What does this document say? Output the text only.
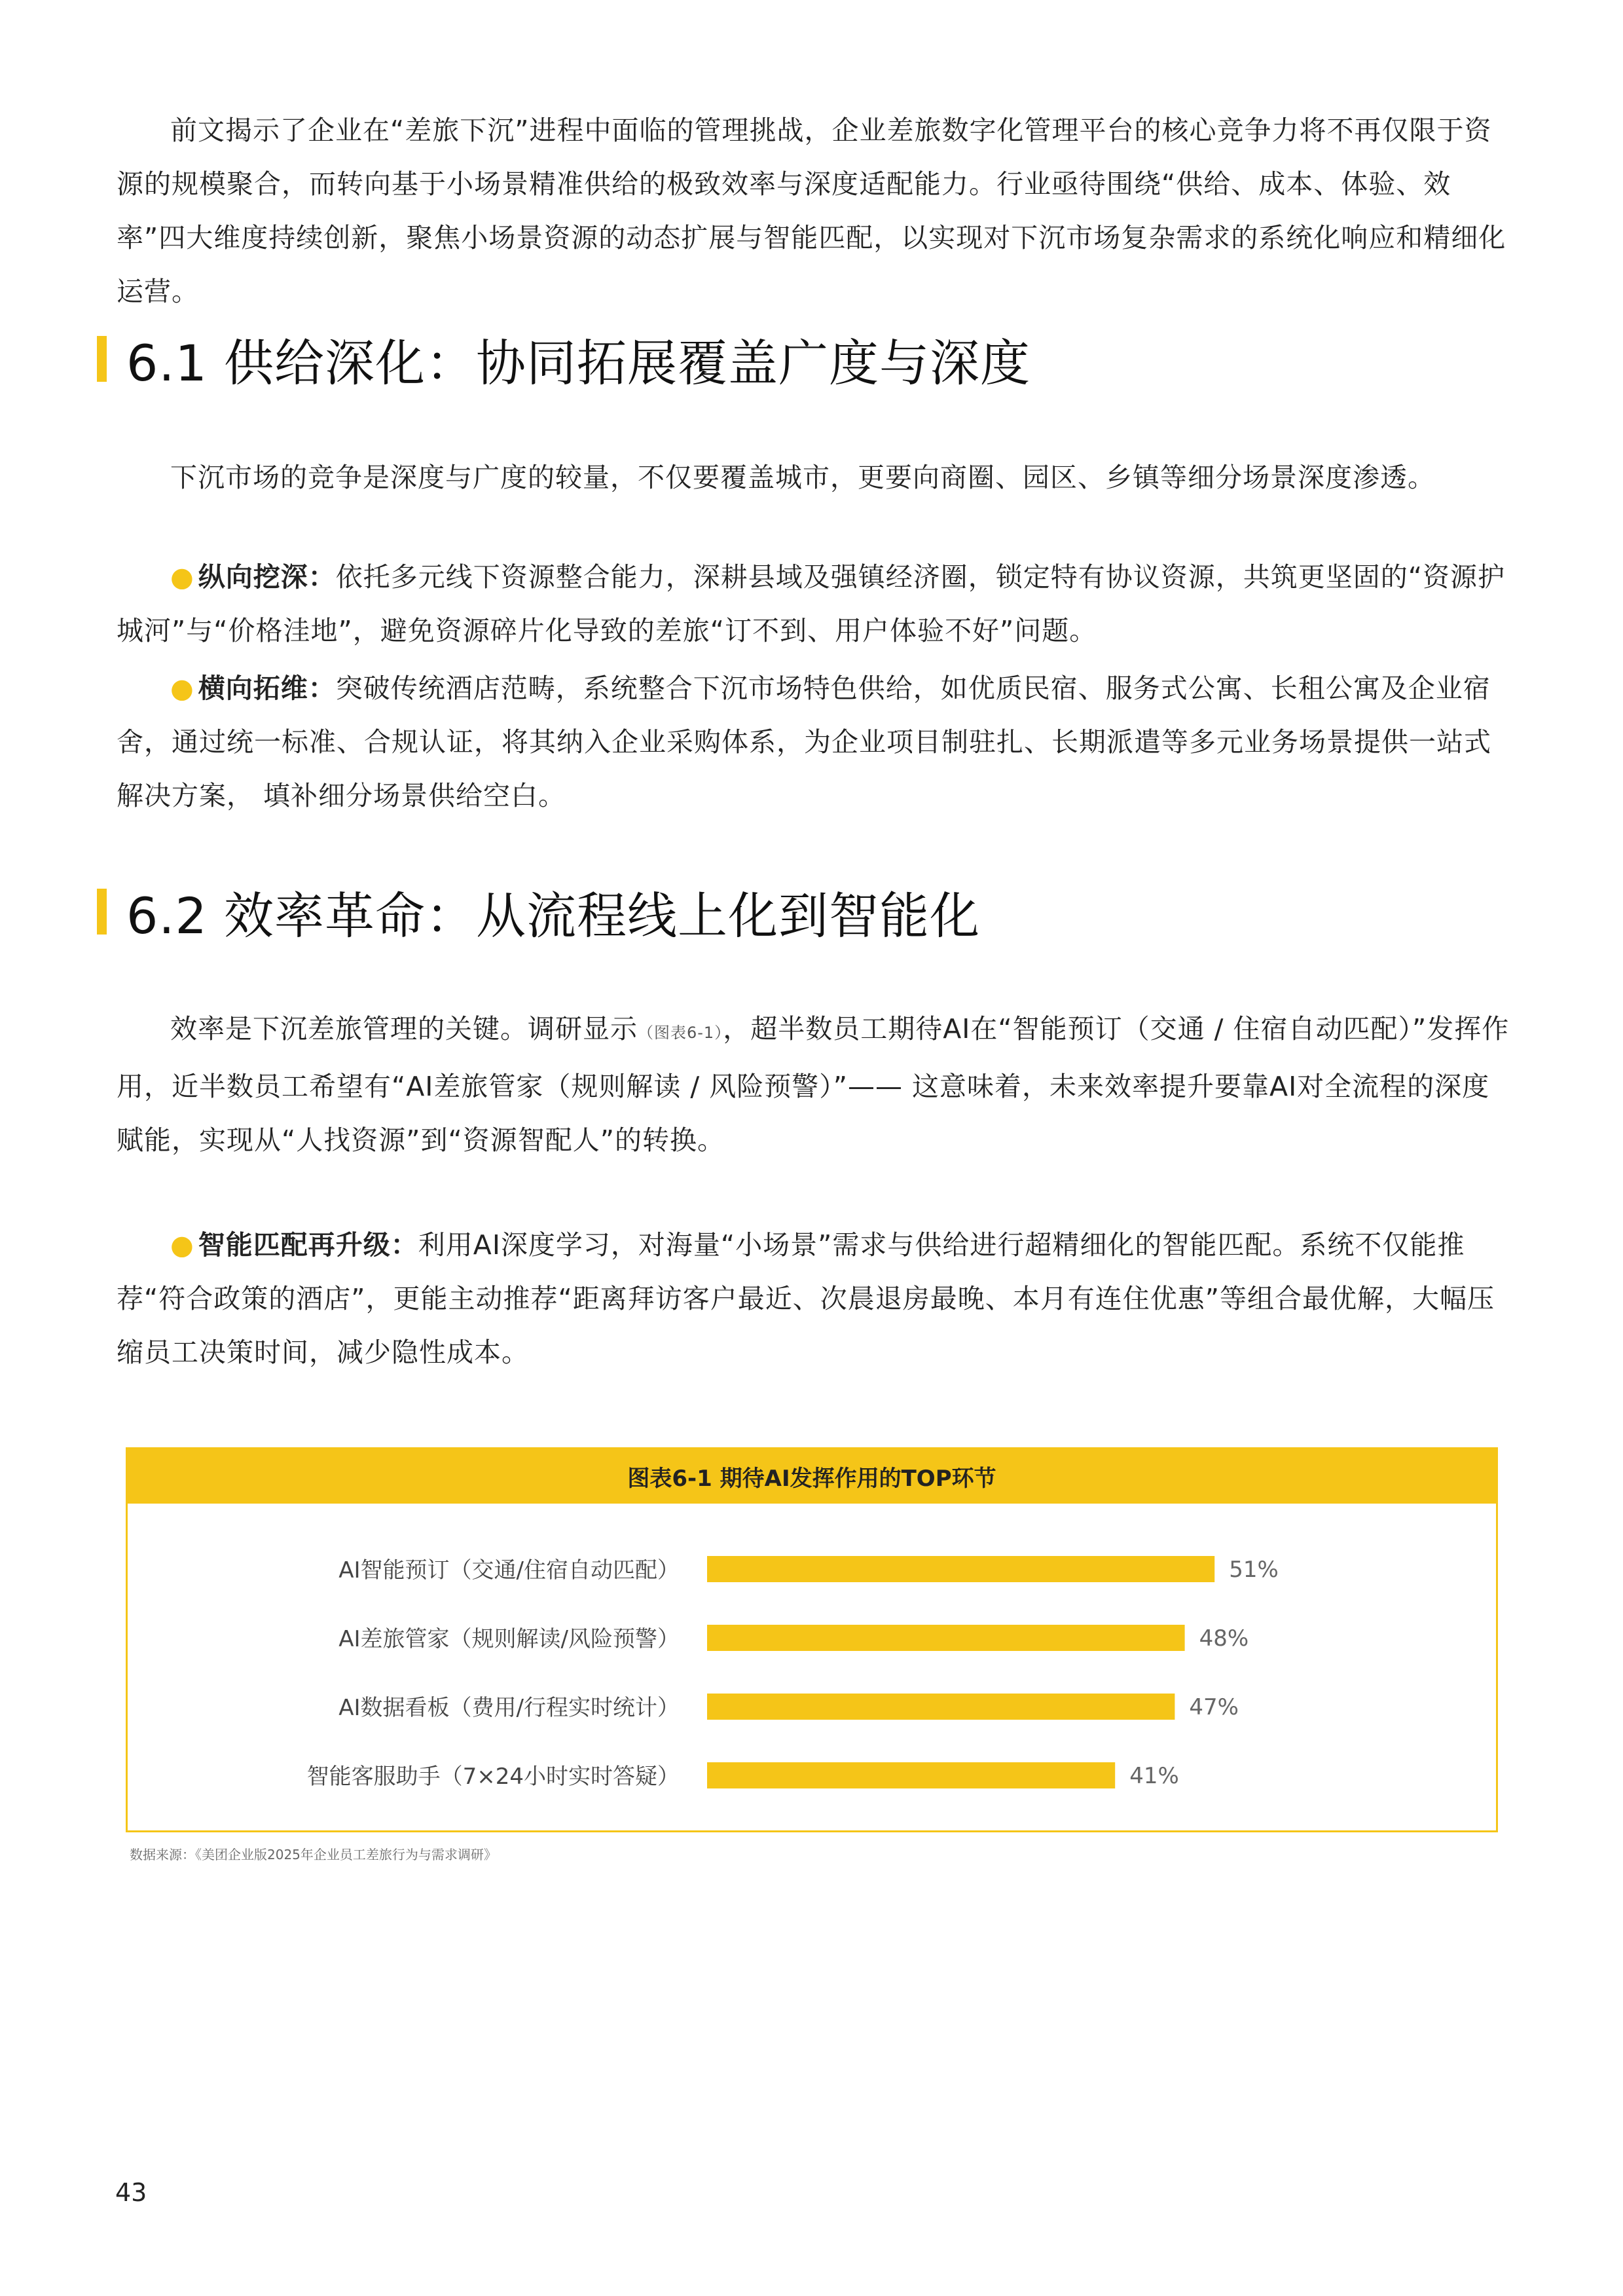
前文揭示了企业在“差旅下沉”进程中面临的管理挑战，企业差旅数字化管理平台的核心竞争力将不再仅限于资源的规模聚合，而转向基于小场景精准供给的极致效率与深度适配能力。行业亟待围绕“供给、成本、体验、效率”四大维度持续创新，聚焦小场景资源的动态扩展与智能匹配，以实现对下沉市场复杂需求的系统化响应和精细化运营。

6.1 供给深化：协同拓展覆盖广度与深度

下沉市场的竞争是深度与广度的较量，不仅要覆盖城市，更要向商圈、园区、乡镇等细分场景深度渗透。

● 纵向挖深：依托多元线下资源整合能力，深耕县域及强镇经济圈，锁定特有协议资源，共筑更坚固的“资源护城河”与“价格洼地”，避免资源碎片化导致的差旅“订不到、用户体验不好”问题。

● 横向拓维：突破传统酒店范畴，系统整合下沉市场特色供给，如优质民宿、服务式公寓、长租公寓及企业宿舍，通过统一标准、合规认证，将其纳入企业采购体系，为企业项目制驻扎、长期派遣等多元业务场景提供一站式解决方案， 填补细分场景供给空白。

6.2 效率革命：从流程线上化到智能化

效率是下沉差旅管理的关键。调研显示（图表6-1），超半数员工期待AI在“智能预订（交通 / 住宿自动匹配）”发挥作用，近半数员工希望有“AI差旅管家（规则解读 / 风险预警）”—— 这意味着，未来效率提升要靠AI对全流程的深度赋能，实现从“人找资源”到“资源智配人”的转换。

● 智能匹配再升级：利用AI深度学习，对海量“小场景”需求与供给进行超精细化的智能匹配。系统不仅能推荐“符合政策的酒店”，更能主动推荐“距离拜访客户最近、次晨退房最晚、本月有连住优惠”等组合最优解，大幅压缩员工决策时间，减少隐性成本。

图表6-1 期待AI发挥作用的TOP环节
AI智能预订（交通/住宿自动匹配）	51%
AI差旅管家（规则解读/风险预警）	48%
AI数据看板（费用/行程实时统计）	47%
智能客服助手（7×24小时实时答疑）	41%
数据来源：《美团企业版2025年企业员工差旅行为与需求调研》
43
